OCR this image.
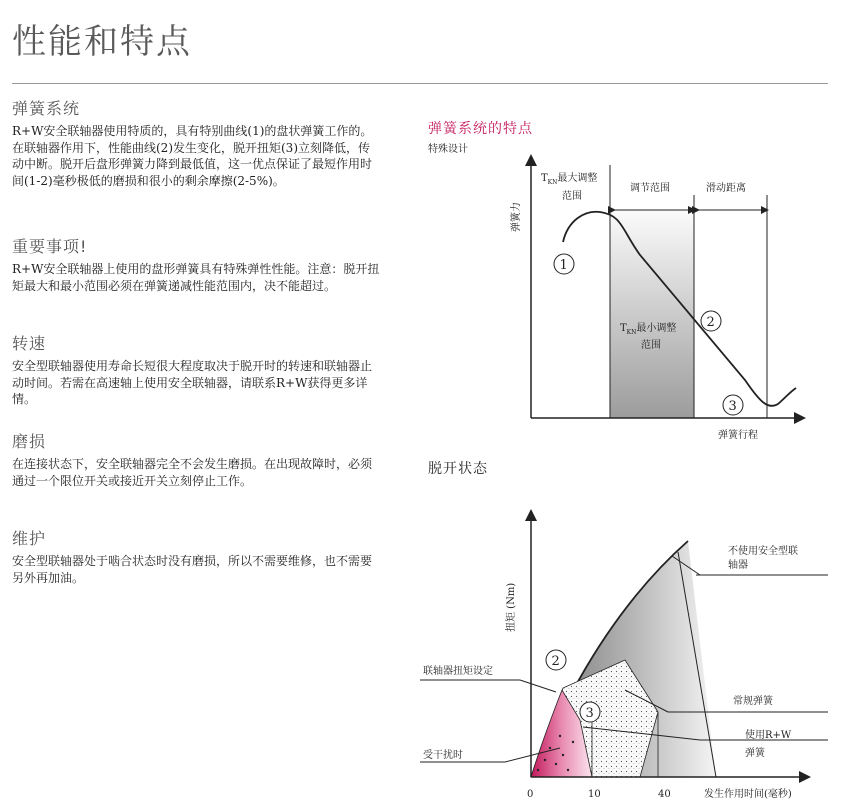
性能和特点
弹簧系统

R+W安全联轴器使用特质的，具有特别曲线(1)的盘状弹簧工作的。在联轴器作用下，性能曲线(2)发生变化，脱开扭矩(3)立刻降低，传动中断。脱开后盘形弹簧力降到最低值，这一优点保证了最短作用时间(1-2)毫秒极低的磨损和很小的剩余摩擦(2-5%)。

重要事项!

R+W安全联轴器上使用的盘形弹簧具有特殊弹性性能。注意：脱开扭矩最大和最小范围必须在弹簧递减性能范围内，决不能超过。

转速

安全型联轴器使用寿命长短很大程度取决于脱开时的转速和联轴器止动时间。若需在高速轴上使用安全联轴器，请联系R+W获得更多详情。

磨损

在连接状态下，安全联轴器完全不会发生磨损。在出现故障时，必须通过一个限位开关或接近开关立刻停止工作。

维护

安全型联轴器处于啮合状态时没有磨损，所以不需要维修，也不需要另外再加油。

弹簧系统的特点
特殊设计
脱开状态
弹簧力
弹簧行程
$T_{KN}$最大调整
范围
调节范围	滑动距离
$T_{KN}$最小调整
范围
1
2
3
扭矩 (Nm)
发生作用时间(毫秒)
0	10	40
不使用安全型联
轴器
联轴器扭矩设定
常规弹簧
使用R+W
弹簧
受干扰时
2
3
